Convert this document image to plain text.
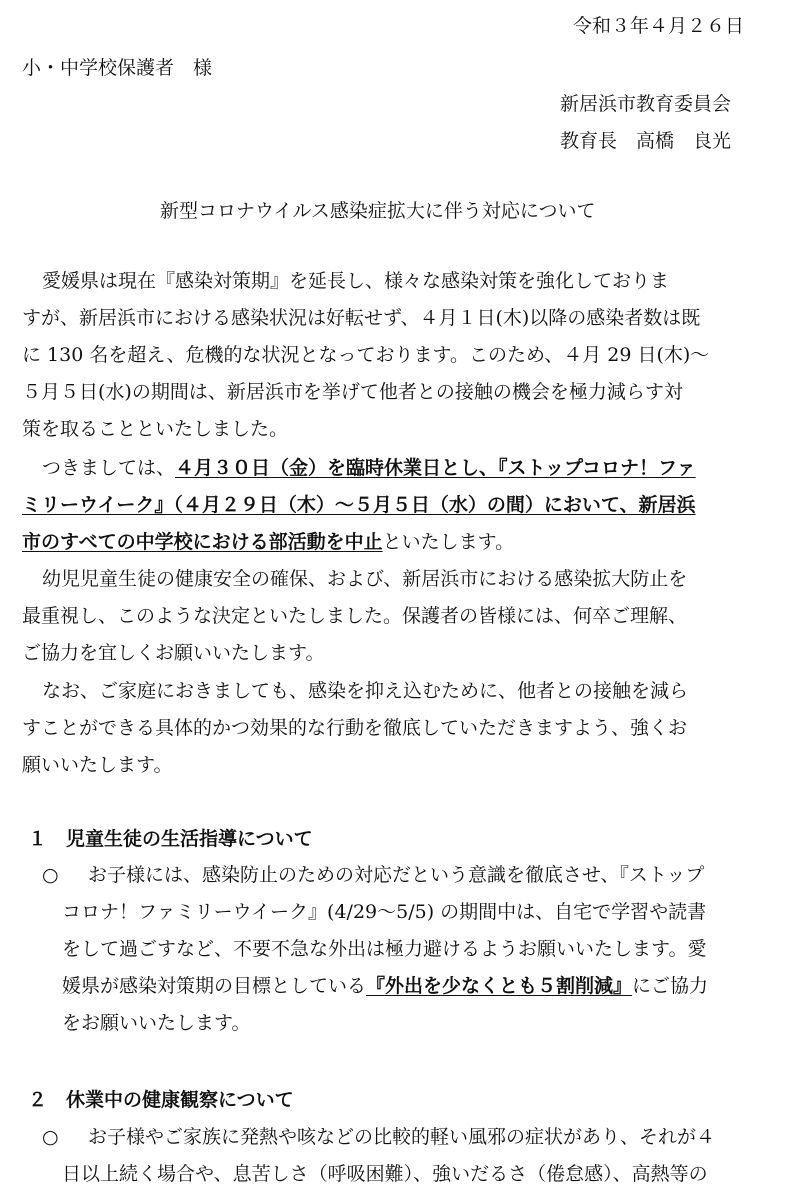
令和３年４月２６日
小・中学校保護者　様
新居浜市教育委員会
教育長　高橋　良光
新型コロナウイルス感染症拡大に伴う対応について
愛媛県は現在『感染対策期』を延長し、様々な感染対策を強化しておりま
すが、新居浜市における感染状況は好転せず、４月１日(木)以降の感染者数は既
に 130 名を超え、危機的な状況となっております。このため、４月 29 日(木)～
５月５日(水)の期間は、新居浜市を挙げて他者との接触の機会を極力減らす対
策を取ることといたしました。
つきましては、４月３０日（金）を臨時休業日とし、『ストップコロナ！ファ
ミリーウイーク』（４月２９日（木）～５月５日（水）の間）において、新居浜
市のすべての中学校における部活動を中止といたします。
幼児児童生徒の健康安全の確保、および、新居浜市における感染拡大防止を
最重視し、このような決定といたしました。保護者の皆様には、何卒ご理解、
ご協力を宜しくお願いいたします。
なお、ご家庭におきましても、感染を抑え込むために、他者との接触を減ら
すことができる具体的かつ効果的な行動を徹底していただきますよう、強くお
願いいたします。
１　児童生徒の生活指導について
○ お子様には、感染防止のための対応だという意識を徹底させ、『ストップ
コロナ！ファミリーウイーク』(4/29～5/5) の期間中は、自宅で学習や読書
をして過ごすなど、不要不急な外出は極力避けるようお願いいたします。愛
媛県が感染対策期の目標としている『外出を少なくとも５割削減』にご協力
をお願いいたします。
２　休業中の健康観察について
○ お子様やご家族に発熱や咳などの比較的軽い風邪の症状があり、それが４
日以上続く場合や、息苦しさ（呼吸困難）、強いだるさ（倦怠感）、高熱等の
